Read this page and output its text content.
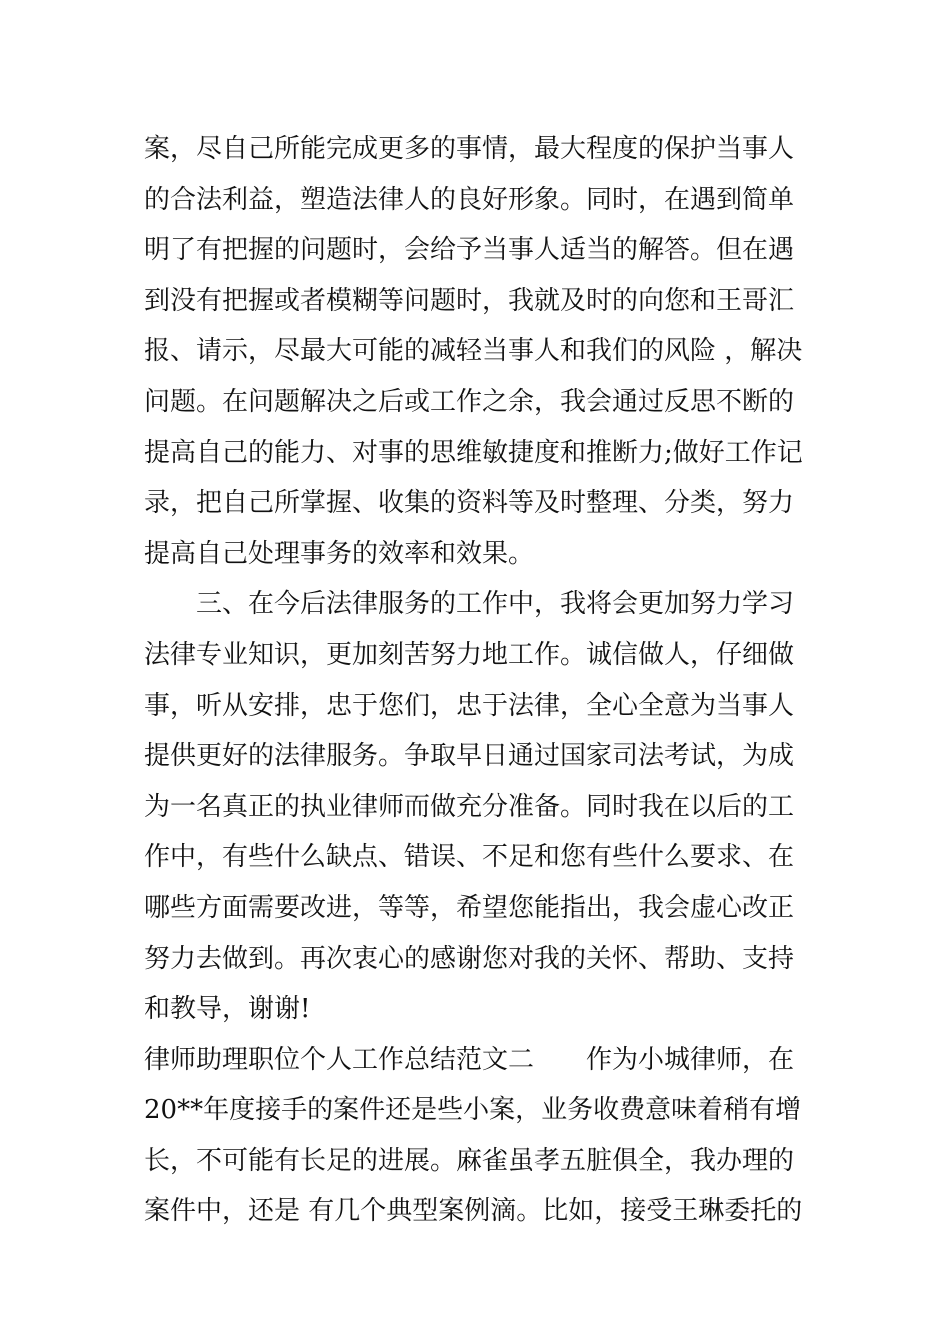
案，尽自己所能完成更多的事情，最大程度的保护当事人
的合法利益，塑造法律人的良好形象。同时，在遇到简单
明了有把握的问题时，会给予当事人适当的解答。但在遇
到没有把握或者模糊等问题时，我就及时的向您和王哥汇
报、请示，尽最大可能的减轻当事人和我们的风险 ，解决
问题。在问题解决之后或工作之余，我会通过反思不断的
提高自己的能力、对事的思维敏捷度和推断力;做好工作记
录，把自己所掌握、收集的资料等及时整理、分类，努力
提高自己处理事务的效率和效果。
三、在今后法律服务的工作中，我将会更加努力学习
法律专业知识，更加刻苦努力地工作。诚信做人，仔细做
事，听从安排，忠于您们，忠于法律，全心全意为当事人
提供更好的法律服务。争取早日通过国家司法考试，为成
为一名真正的执业律师而做充分准备。同时我在以后的工
作中，有些什么缺点、错误、不足和您有些什么要求、在
哪些方面需要改进，等等，希望您能指出，我会虚心改正
努力去做到。再次衷心的感谢您对我的关怀、帮助、支持
和教导，谢谢!
律师助理职位个人工作总结范文二 作为小城律师，在
20**年度接手的案件还是些小案，业务收费意味着稍有增
长，不可能有长足的进展。麻雀虽孝五脏俱全，我办理的
案件中，还是 有几个典型案例滴。比如，接受王琳委托的
